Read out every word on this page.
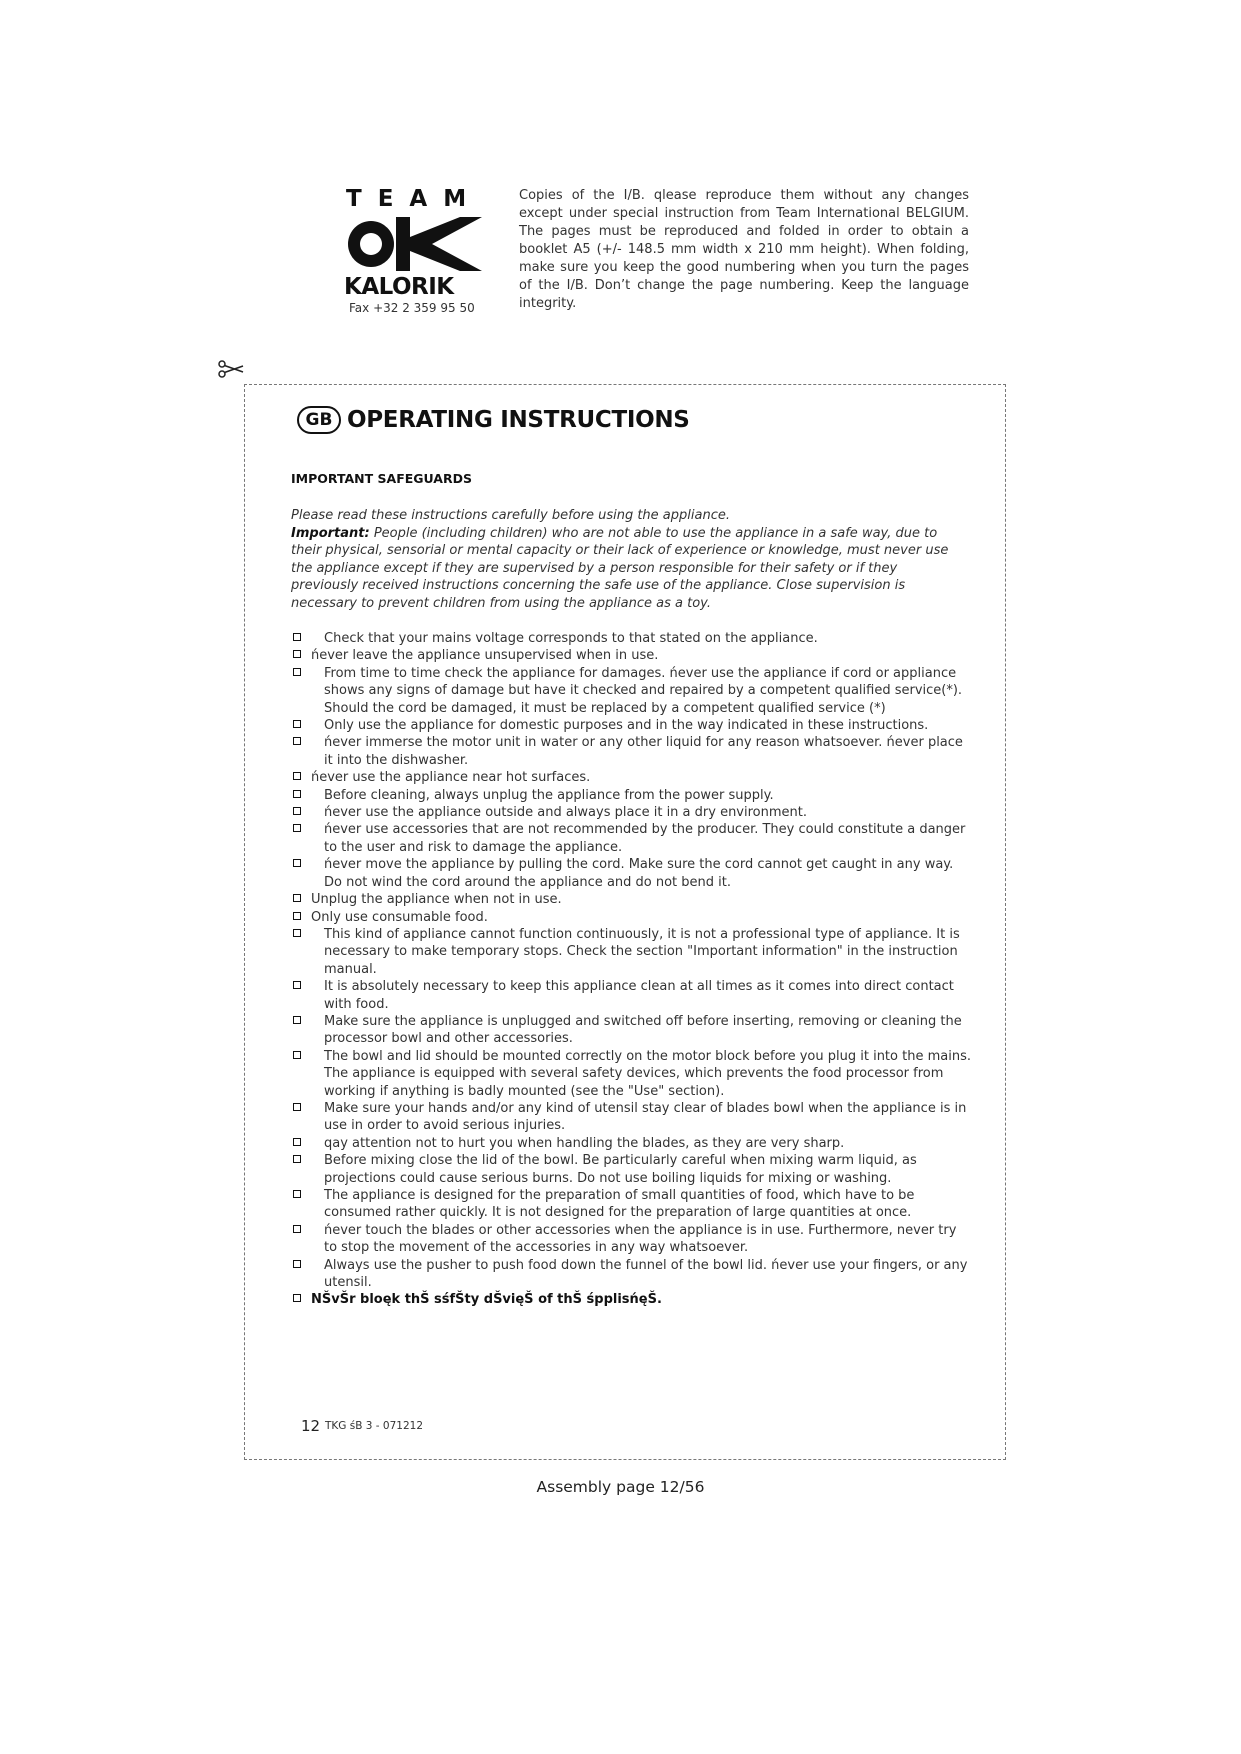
TEAM
KALORIK
Fax +32 2 359 95 50
Copies of the I/B. qlease reproduce them without any changes except under special instruction from Team International BELGIUM. The pages must be reproduced and folded in order to obtain a booklet A5 (+/- 148.5 mm width x 210 mm height). When folding, make sure you keep the good numbering when you turn the pages of the I/B. Don’t change the page numbering. Keep the language integrity.
GB OPERATING INSTRUCTIONS
IMPORTANT SAFEGUARDS
Please read these instructions carefully before using the appliance.
Important: People (including children) who are not able to use the appliance in a safe way, due to their physical, sensorial or mental capacity or their lack of experience or knowledge, must never use the appliance except if they are supervised by a person responsible for their safety or if they previously received instructions concerning the safe use of the appliance. Close supervision is necessary to prevent children from using the appliance as a toy.
Check that your mains voltage corresponds to that stated on the appliance.
ńever leave the appliance unsupervised when in use.
From time to time check the appliance for damages. ńever use the appliance if cord or appliance shows any signs of damage but have it checked and repaired by a competent qualified service(*). Should the cord be damaged, it must be replaced by a competent qualified service (*)
Only use the appliance for domestic purposes and in the way indicated in these instructions.
ńever immerse the motor unit in water or any other liquid for any reason whatsoever. ńever place it into the dishwasher.
ńever use the appliance near hot surfaces.
Before cleaning, always unplug the appliance from the power supply.
ńever use the appliance outside and always place it in a dry environment.
ńever use accessories that are not recommended by the producer. They could constitute a danger to the user and risk to damage the appliance.
ńever move the appliance by pulling the cord. Make sure the cord cannot get caught in any way. Do not wind the cord around the appliance and do not bend it.
Unplug the appliance when not in use.
Only use consumable food.
This kind of appliance cannot function continuously, it is not a professional type of appliance. It is necessary to make temporary stops. Check the section "Important information" in the instruction manual.
It is absolutely necessary to keep this appliance clean at all times as it comes into direct contact with food.
Make sure the appliance is unplugged and switched off before inserting, removing or cleaning the processor bowl and other accessories.
The bowl and lid should be mounted correctly on the motor block before you plug it into the mains. The appliance is equipped with several safety devices, which prevents the food processor from working if anything is badly mounted (see the "Use" section).
Make sure your hands and/or any kind of utensil stay clear of blades bowl when the appliance is in use in order to avoid serious injuries.
qay attention not to hurt you when handling the blades, as they are very sharp.
Before mixing close the lid of the bowl. Be particularly careful when mixing warm liquid, as projections could cause serious burns. Do not use boiling liquids for mixing or washing.
The appliance is designed for the preparation of small quantities of food, which have to be consumed rather quickly. It is not designed for the preparation of large quantities at once.
ńever touch the blades or other accessories when the appliance is in use. Furthermore, never try to stop the movement of the accessories in any way whatsoever.
Always use the pusher to push food down the funnel of the bowl lid. ńever use your fingers, or any utensil.
NŠvŠr bloęk thŠ sśfŠty dŠvięŠ of thŠ śpplisńęŠ.
12 TKG śB 3 - 071212
Assembly page 12/56
